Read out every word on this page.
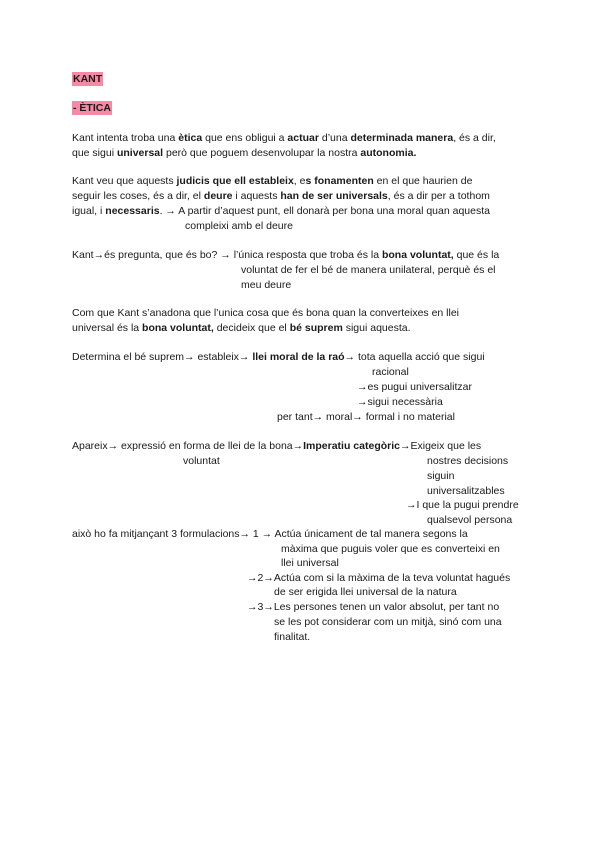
KANT
- ÈTICA
Kant intenta troba una ètica que ens obligui a actuar d’una determinada manera, és a dir,
que sigui universal però que poguem desenvolupar la nostra autonomia.
Kant veu que aquests judicis que ell estableix, es fonamenten en el que haurien de
seguir les coses, és a dir, el deure i aquests han de ser universals, és a dir per a tothom
igual, i necessaris. → A partir d’aquest punt, ell donarà per bona una moral quan aquesta
compleixi amb el deure
Kant→és pregunta, que és bo? → l’única resposta que troba és la bona voluntat, que és la
voluntat de fer el bé de manera unilateral, perquè és el
meu deure
Com que Kant s’anadona que l’unica cosa que és bona quan la converteixes en llei
universal és la bona voluntat, decideix que el bé suprem sigui aquesta.
Determina el bé suprem→ estableix→ llei moral de la raó→ tota aquella acció que sigui
racional
→es pugui universalitzar
→sigui necessària
per tant→ moral→ formal i no material
Apareix→ expressió en forma de llei de la bona→Imperatiu categòric→Exigeix que les
voluntat	nostres decisions
siguin
universalitzables
→I que la pugui prendre
qualsevol persona
això ho fa mitjançant 3 formulacions→ 1 → Actúa únicament de tal manera segons la
màxima que puguis voler que es converteixi en
llei universal
→2→Actúa com si la màxima de la teva voluntat hagués
de ser erigida llei universal de la natura
→3→Les persones tenen un valor absolut, per tant no
se les pot considerar com un mitjà, sinó com una
finalitat.
